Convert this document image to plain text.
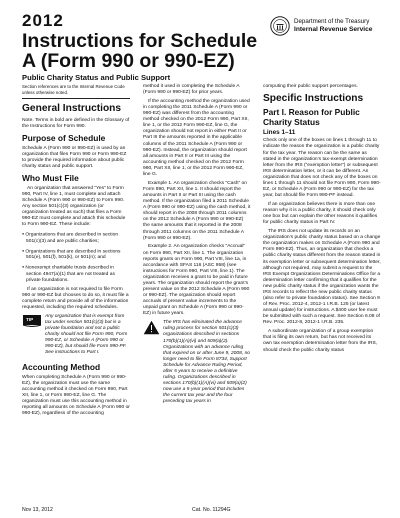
2012
Instructions for Schedule A (Form 990 or 990-EZ)
Public Charity Status and Public Support
Department of the Treasury
Internal Revenue Service

Section references are to the Internal Revenue Code unless otherwise noted.

General Instructions

Note. Terms in bold are defined in the Glossary of the Instructions for Form 990.

Purpose of Schedule

Schedule A (Form 990 or 990-EZ) is used by an organization that files Form 990 or Form 990-EZ to provide the required information about public charity status and public support.

Who Must File

An organization that answered “Yes” to Form 990, Part IV, line 1, must complete and attach Schedule A (Form 990 or 990-EZ) to Form 990. Any section 501(c)(3) organization (or organization treated as such) that files a Form 990-EZ must complete and attach this schedule to Form 990-EZ. These include:

● Organizations that are described in section 501(c)(3) and are public charities;

● Organizations that are described in sections 501(e), 501(f), 501(k), or 501(n); and

● Nonexempt charitable trusts described in section 4947(a)(1) that are not treated as private foundations.

If an organization is not required to file Form 990 or 990-EZ but chooses to do so, it must file a complete return and provide all of the information requested, including the required schedules.

TIP

Any organization that is exempt from tax under section 501(c)(3) but is a private foundation and not a public charity should not file Form 990, Form 990-EZ, or Schedule A (Form 990 or 990-EZ), but should file Form 990-PF. See instructions to Part I.

Accounting Method

When completing Schedule A (Form 990 or 990-EZ), the organization must use the same accounting method it checked on Form 990, Part XII, line 1, or Form 990-EZ, line G. The organization must use this accounting method in reporting all amounts on Schedule A (Form 990 or 990-EZ), regardless of the accounting

method it used in completing the Schedule A (Form 990 or 990-EZ) for prior years.

If the accounting method the organization used in completing the 2011 Schedule A (Form 990 or 990-EZ) was different from the accounting method checked on the 2012 Form 990, Part XII, line 1, or the 2012 Form 990-EZ, line G, the organization should not report in either Part II or Part III the amounts reported in the applicable columns of the 2011 Schedule A (Form 990 or 990-EZ). Instead, the organization should report all amounts in Part II or Part III using the accounting method checked on the 2012 Form 990, Part XII, line 1, or the 2012 Form 990-EZ, line G.

Example 1. An organization checks “Cash” on Form 990, Part XII, line 1. It should report the amounts in Part II or Part III using the cash method. If the organization filed a 2011 Schedule A (Form 990 or 990-EZ) using the cash method, it should report in the 2008 through 2011 columns on the 2012 Schedule A (Form 990 or 990-EZ) the same amounts that it reported in the 2008 through 2011 columns on the 2011 Schedule A (Form 990 or 990-EZ).

Example 2. An organization checks “Accrual” on Form 990, Part XII, line 1. The organization reports grants on Form 990, Part VIII, line 1a, in accordance with SFAS 116 (ASC 958) (see instructions for Form 990, Part VIII, line 1). The organization receives a grant to be paid in future years. The organization should report the grant’s present value on the 2012 Schedule A (Form 990 or 990-EZ). The organization should report accruals of present value increments to the unpaid grant on Schedule A (Form 990 or 990-EZ) in future years.

The IRS has eliminated the advance ruling process for section 501(c)(3) organizations described in sections 170(b)(1)(A)(vi) and 509(a)(2). Organizations with an advance ruling that expired on or after June 9, 2008, no longer need to file Form 8734, Support Schedule for Advance Ruling Period, after 5 years to receive a definitive ruling. Organizations described in sections 170(b)(1)(A)(vi) and 509(a)(2) now use a 5-year period that includes the current tax year and the four preceding tax years in

computing their public support percentages.

Specific Instructions
Part I. Reason for Public Charity Status
Lines 1–11

Check only one of the boxes on lines 1 through 11 to indicate the reason the organization is a public charity for the tax year. The reason can be the same as stated in the organization’s tax-exempt determination letter from the IRS (“exemption letter”) or subsequent IRS determination letter, or it can be different. An organization that does not check any of the boxes on lines 1 through 11 should not file Form 990, Form 990-EZ, or Schedule A (Form 990 or 990-EZ) for the tax year, but should file Form 990-PF instead.

If an organization believes there is more than one reason why it is a public charity, it should check only one box but can explain the other reasons it qualifies for public charity status in Part IV.

The IRS does not update its records on an organization’s public charity status based on a change the organization makes on Schedule A (Form 990 and Form 990-EZ). Thus, an organization that checks a public charity status different from the reason stated in its exemption letter or subsequent determination letter, although not required, may submit a request to the IRS Exempt Organizations Determinations Office for a determination letter confirming that it qualifies for the new public charity status if the organization wants the IRS records to reflect the new public charity status (also refer to private foundation status). See Section 9 of Rev. Proc. 2012-4, 2012-1 I.R.B. 125 (or latest annual update) for instructions. A $400 user fee must be submitted with such a request. See Section 6.08 of Rev. Proc. 2012-8, 2012-1 I.R.B. 235.

A subordinate organization of a group exemption that is filing its own return, but has not received its own tax exemption determination letter from the IRS, should check the public charity status

Nov 13, 2012	Cat. No. 11294G
